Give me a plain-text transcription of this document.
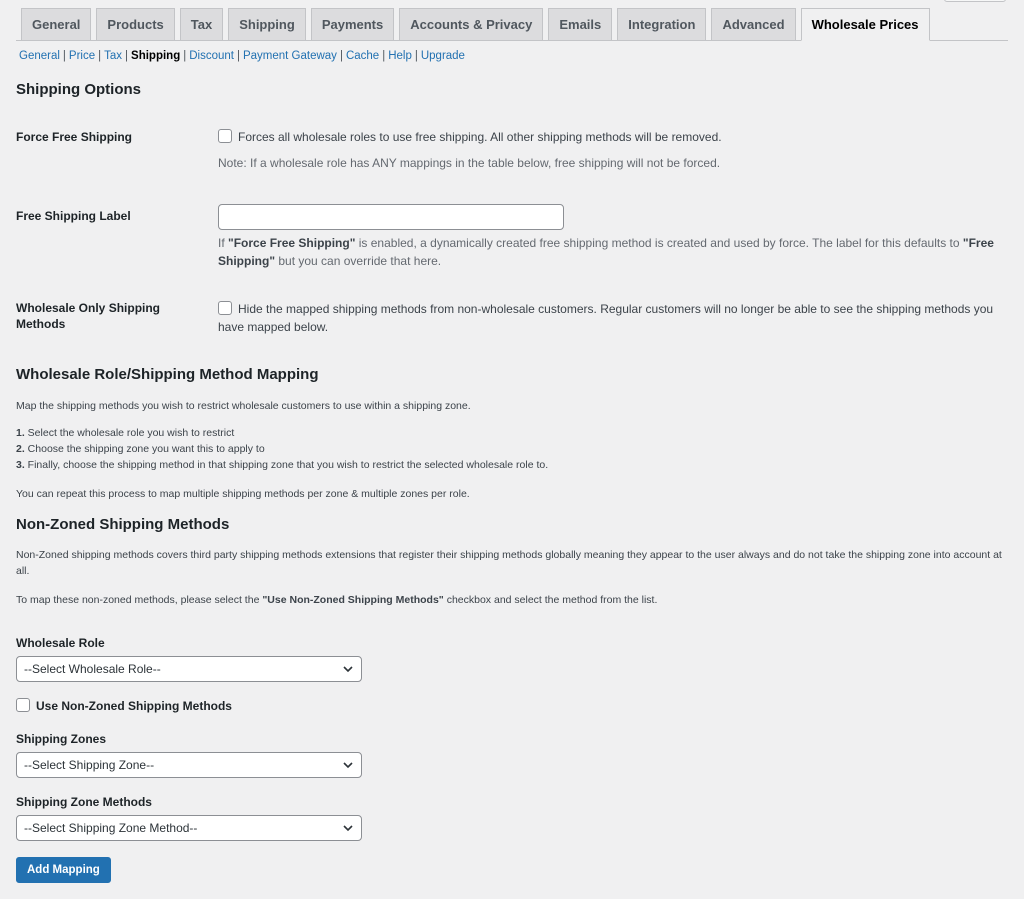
General	Products	Tax	Shipping	Payments	Accounts & Privacy	Emails	Integration	Advanced	Wholesale Prices
General | Price | Tax | Shipping | Discount | Payment Gateway | Cache | Help | Upgrade
Shipping Options
Force Free Shipping	Forces all wholesale roles to use free shipping. All other shipping methods will be removed.
Note: If a wholesale role has ANY mappings in the table below, free shipping will not be forced.
Free Shipping Label
If "Force Free Shipping" is enabled, a dynamically created free shipping method is created and used by force. The label for this defaults to "Free Shipping" but you can override that here.
Wholesale Only Shipping Methods
Hide the mapped shipping methods from non-wholesale customers. Regular customers will no longer be able to see the shipping methods you have mapped below.
Wholesale Role/Shipping Method Mapping
Map the shipping methods you wish to restrict wholesale customers to use within a shipping zone.
1. Select the wholesale role you wish to restrict
2. Choose the shipping zone you want this to apply to
3. Finally, choose the shipping method in that shipping zone that you wish to restrict the selected wholesale role to.
You can repeat this process to map multiple shipping methods per zone & multiple zones per role.
Non-Zoned Shipping Methods
Non-Zoned shipping methods covers third party shipping methods extensions that register their shipping methods globally meaning they appear to the user always and do not take the shipping zone into account at all.
To map these non-zoned methods, please select the "Use Non-Zoned Shipping Methods" checkbox and select the method from the list.
Wholesale Role
--Select Wholesale Role--
Use Non-Zoned Shipping Methods
Shipping Zones
--Select Shipping Zone--
Shipping Zone Methods
--Select Shipping Zone Method--
Add Mapping
